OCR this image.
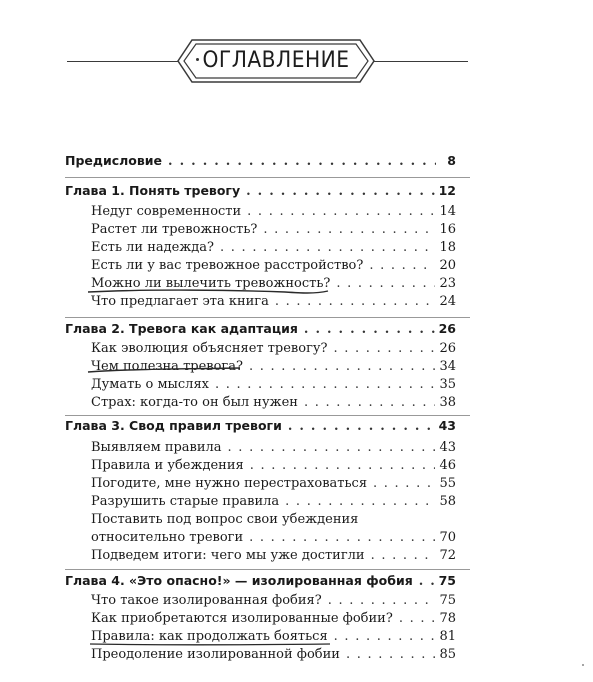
ОГЛАВЛЕНИЕ
Предисловие . . .	8
Глава 1. Понять тревогу . . .	12
Недуг современности . . .	14
Растет ли тревожность? . . .	16
Есть ли надежда? . . .	18
Есть ли у вас тревожное расстройство? . . .	20
Можно ли вылечить тревожность? . . .	23
Что предлагает эта книга . . .	24
Глава 2. Тревога как адаптация . . .	26
Как эволюция объясняет тревогу? . . .	26
Чем полезна тревога? . . .	34
Думать о мыслях . . .	35
Страх: когда-то он был нужен . . .	38
Глава 3. Свод правил тревоги . . .	43
Выявляем правила . . .	43
Правила и убеждения . . .	46
Погодите, мне нужно перестраховаться . . .	55
Разрушить старые правила . . .	58
Поставить под вопрос свои убеждения
относительно тревоги . . .	70
Подведем итоги: чего мы уже достигли . . .	72
Глава 4. «Это опасно!» — изолированная фобия . . . 75
Что такое изолированная фобия? . . .	75
Как приобретаются изолированные фобии? . . .	78
Правила: как продолжать бояться . . .	81
Преодоление изолированной фобии . . .	85
